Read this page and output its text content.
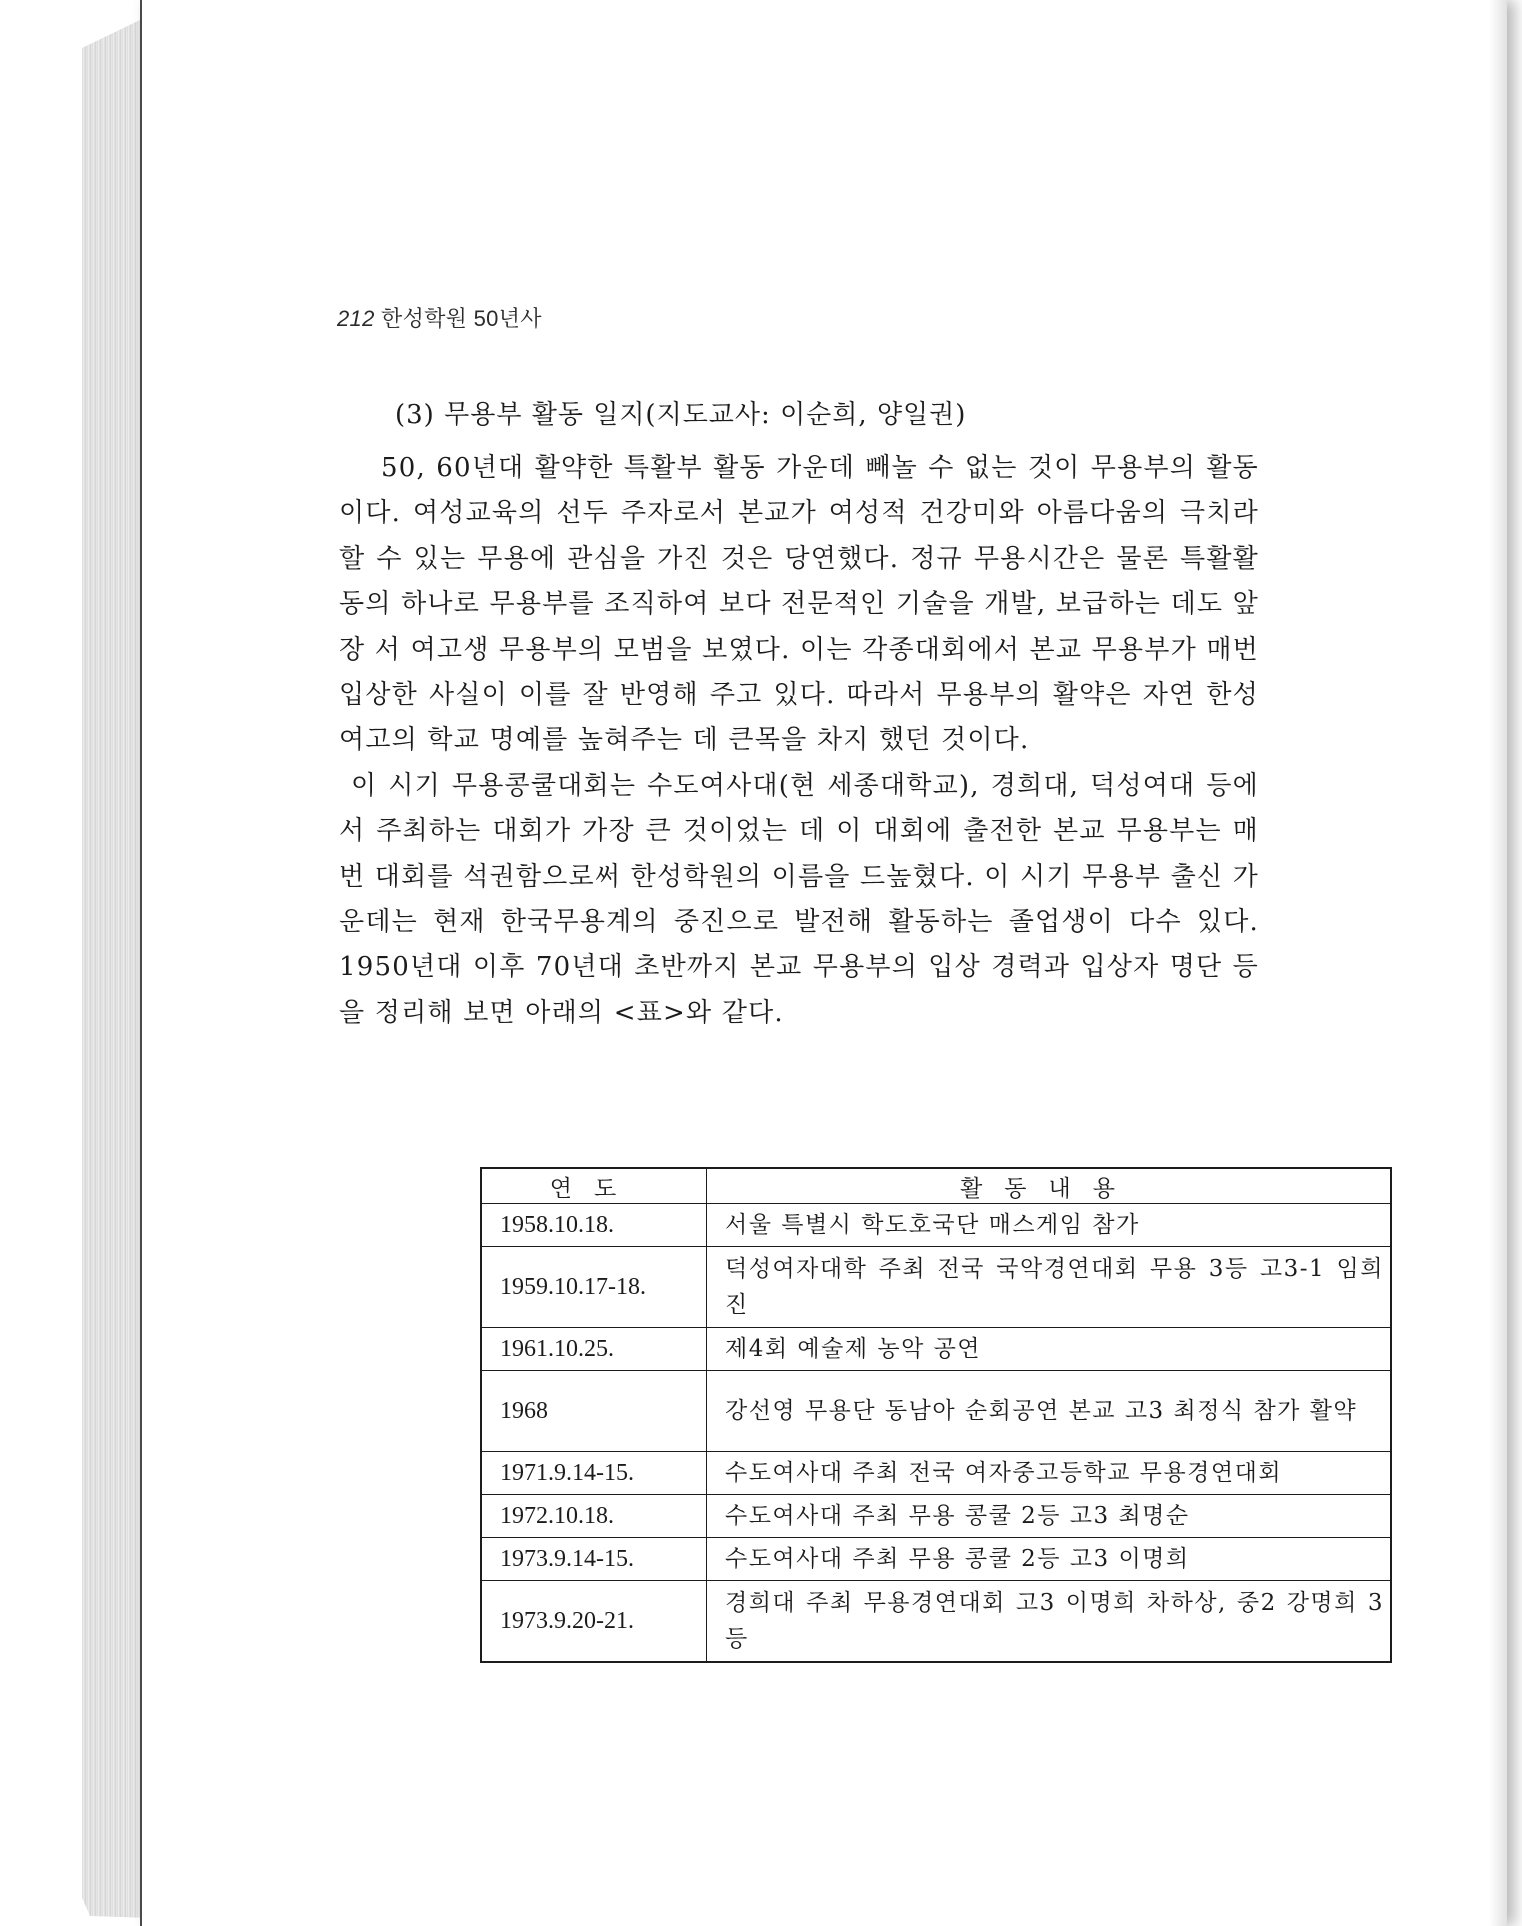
212 한성학원 50년사

(3) 무용부 활동 일지(지도교사: 이순희, 양일권)

50, 60년대 활약한 특활부 활동 가운데 빼놀 수 없는 것이 무용부의 활동이다. 여성교육의 선두 주자로서 본교가 여성적 건강미와 아름다움의 극치라 할 수 있는 무용에 관심을 가진 것은 당연했다. 정규 무용시간은 물론 특활활동의 하나로 무용부를 조직하여 보다 전문적인 기술을 개발, 보급하는 데도 앞장 서 여고생 무용부의 모범을 보였다. 이는 각종대회에서 본교 무용부가 매번 입상한 사실이 이를 잘 반영해 주고 있다. 따라서 무용부의 활약은 자연 한성여고의 학교 명예를 높혀주는 데 큰목을 차지 했던 것이다.

이 시기 무용콩쿨대회는 수도여사대(현 세종대학교), 경희대, 덕성여대 등에서 주최하는 대회가 가장 큰 것이었는 데 이 대회에 출전한 본교 무용부는 매번 대회를 석권함으로써 한성학원의 이름을 드높혔다. 이 시기 무용부 출신 가운데는 현재 한국무용계의 중진으로 발전해 활동하는 졸업생이 다수 있다. 1950년대 이후 70년대 초반까지 본교 무용부의 입상 경력과 입상자 명단 등을 정리해 보면 아래의 <표>와 같다.

연도	활동내용
1958.10.18.	서울 특별시 학도호국단 매스게임 참가
1959.10.17-18.	덕성여자대학 주최 전국 국악경연대회 무용 3등 고3-1 임희진
1961.10.25.	제4회 예술제 농악 공연
1968	강선영 무용단 동남아 순회공연 본교 고3 최정식 참가 활약
1971.9.14-15.	수도여사대 주최 전국 여자중고등학교 무용경연대회
1972.10.18.	수도여사대 주최 무용 콩쿨 2등 고3 최명순
1973.9.14-15.	수도여사대 주최 무용 콩쿨 2등 고3 이명희
1973.9.20-21.	경희대 주최 무용경연대회 고3 이명희 차하상, 중2 강명희 3등
